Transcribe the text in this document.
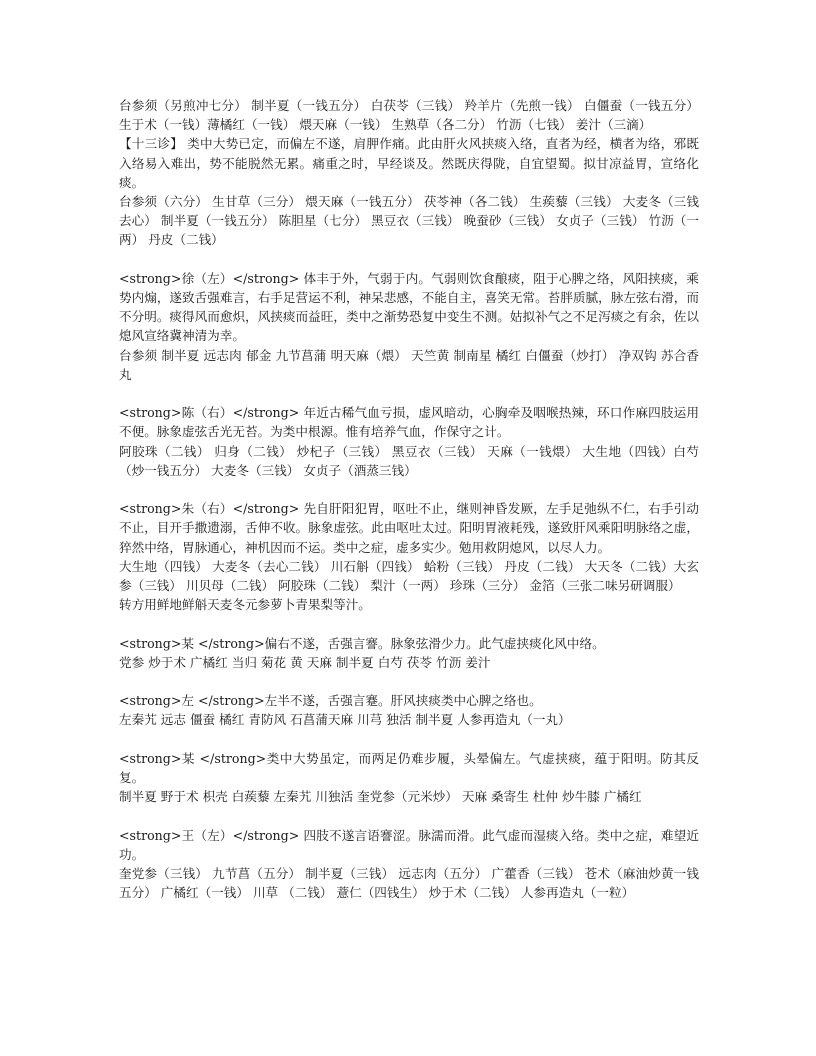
台参须（另煎冲七分） 制半夏（一钱五分） 白茯苓（三钱） 羚羊片（先煎一钱） 白僵蚕（一钱五分）生于术（一钱）薄橘红（一钱） 煨天麻（一钱） 生熟草（各二分） 竹沥（七钱） 姜汁（三滴）

【十三诊】 类中大势已定，而偏左不遂，肩胛作痛。此由肝火风挟痰入络，直者为经，横者为络，邪既入络易入难出，势不能脱然无累。痛重之时，早经谈及。然既庆得陇，自宜望蜀。拟甘凉益胃，宣络化痰。

台参须（六分） 生甘草（三分） 煨天麻（一钱五分） 茯苓神（各二钱） 生蒺藜（三钱） 大麦冬（三钱去心） 制半夏（一钱五分） 陈胆星（七分） 黑豆衣（三钱） 晚蚕砂（三钱） 女贞子（三钱） 竹沥（一两） 丹皮（二钱）

<strong>徐（左）</strong> 体丰于外，气弱于内。气弱则饮食酿痰，阻于心脾之络，风阳挟痰，乘势内煽，遂致舌强难言，右手足营运不利，神呆悲感，不能自主，喜笑无常。苔胖质腻，脉左弦右滑，而不分明。痰得风而愈炽，风挟痰而益旺，类中之渐势恐复中变生不测。姑拟补气之不足泻痰之有余，佐以熄风宣络冀神清为幸。

台参须 制半夏 远志肉 郁金 九节菖蒲 明天麻（煨） 天竺黄 制南星 橘红 白僵蚕（炒打） 净双钩 苏合香丸

<strong>陈（右）</strong> 年近古稀气血亏损，虚风暗动，心胸牵及咽喉热辣，环口作麻四肢运用不便。脉象虚弦舌光无苔。为类中根源。惟有培养气血，作保守之计。

阿胶珠（二钱） 归身（二钱） 炒杞子（三钱） 黑豆衣（三钱） 天麻（一钱煨） 大生地（四钱）白芍（炒一钱五分） 大麦冬（三钱） 女贞子（酒蒸三钱）

<strong>朱（右）</strong> 先自肝阳犯胃，呕吐不止，继则神昏发厥，左手足弛纵不仁，右手引动不止，目开手撒遗溺，舌伸不收。脉象虚弦。此由呕吐太过。阳明胃液耗残，遂致肝风乘阳明脉络之虚，猝然中络，胃脉通心，神机因而不运。类中之症，虚多实少。勉用救阴熄风，以尽人力。

大生地（四钱） 大麦冬（去心二钱） 川石斛（四钱） 蛤粉（三钱） 丹皮（二钱） 大天冬（二钱）大玄参（三钱） 川贝母（二钱） 阿胶珠（二钱） 梨汁（一两） 珍珠（三分） 金箔（三张二味另研调服）

转方用鲜地鲜斛天麦冬元参萝卜青果梨等汁。

<strong>某 </strong>偏右不遂，舌强言謇。脉象弦滑少力。此气虚挟痰化风中络。

党参 炒于术 广橘红 当归 菊花 黄 天麻 制半夏 白芍 茯苓 竹沥 姜汁

<strong>左 </strong>左半不遂，舌强言蹇。肝风挟痰类中心脾之络也。

左秦艽 远志 僵蚕 橘红 青防风 石菖蒲天麻 川芎 独活 制半夏 人参再造丸（一丸）

<strong>某 </strong>类中大势虽定，而两足仍难步履，头晕偏左。气虚挟痰，蕴于阳明。防其反复。

制半夏 野于术 枳壳 白蒺藜 左秦艽 川独活 奎党参（元米炒） 天麻 桑寄生 杜仲 炒牛膝 广橘红

<strong>王（左）</strong> 四肢不遂言语謇涩。脉濡而滑。此气虚而湿痰入络。类中之症，难望近功。

奎党参（三钱） 九节菖（五分） 制半夏（三钱） 远志肉（五分） 广藿香（三钱） 苍术（麻油炒黄一钱五分） 广橘红（一钱） 川草 （二钱） 薏仁（四钱生） 炒于术（二钱） 人参再造丸（一粒）
